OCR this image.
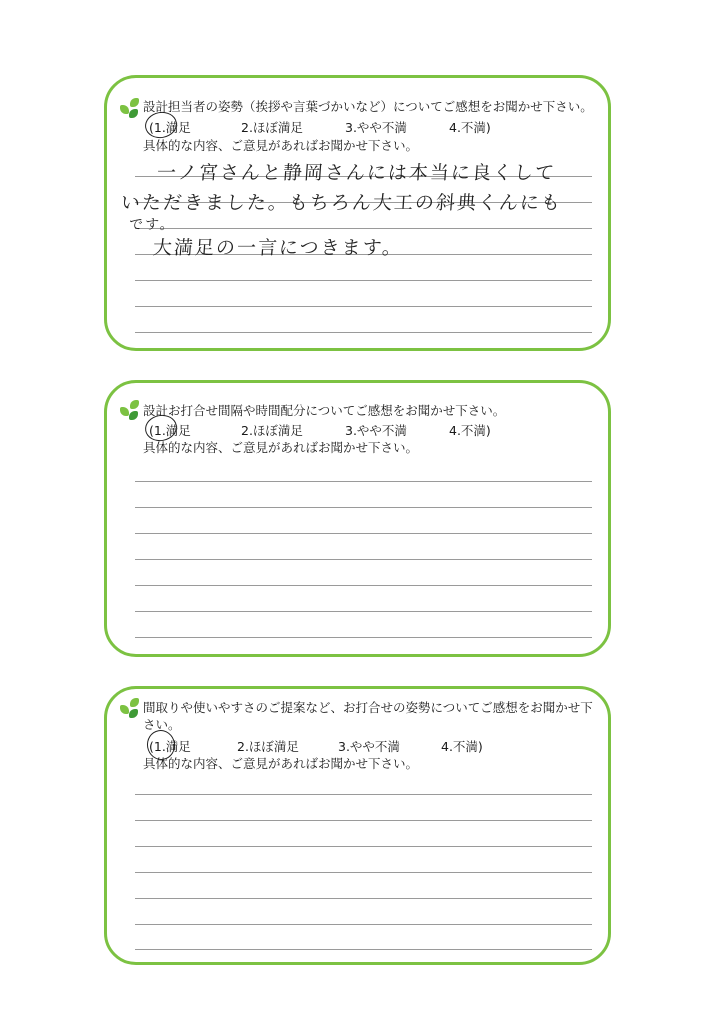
設計担当者の姿勢（挨拶や言葉づかいなど）についてご感想をお聞かせ下さい。
(1.満足	2.ほぼ満足	3.やや不満	4.不満)
具体的な内容、ご意見があればお聞かせ下さい。
一ノ宮さんと静岡さんには本当に良くして
いただきました。もちろん大工の斜典くんにも
です。
大満足の一言につきます。
設計お打合せ間隔や時間配分についてご感想をお聞かせ下さい。
(1.満足	2.ほぼ満足	3.やや不満	4.不満)
具体的な内容、ご意見があればお聞かせ下さい。
間取りや使いやすさのご提案など、お打合せの姿勢についてご感想をお聞かせ下さい。
(1.満足	2.ほぼ満足	3.やや不満	4.不満)
具体的な内容、ご意見があればお聞かせ下さい。
